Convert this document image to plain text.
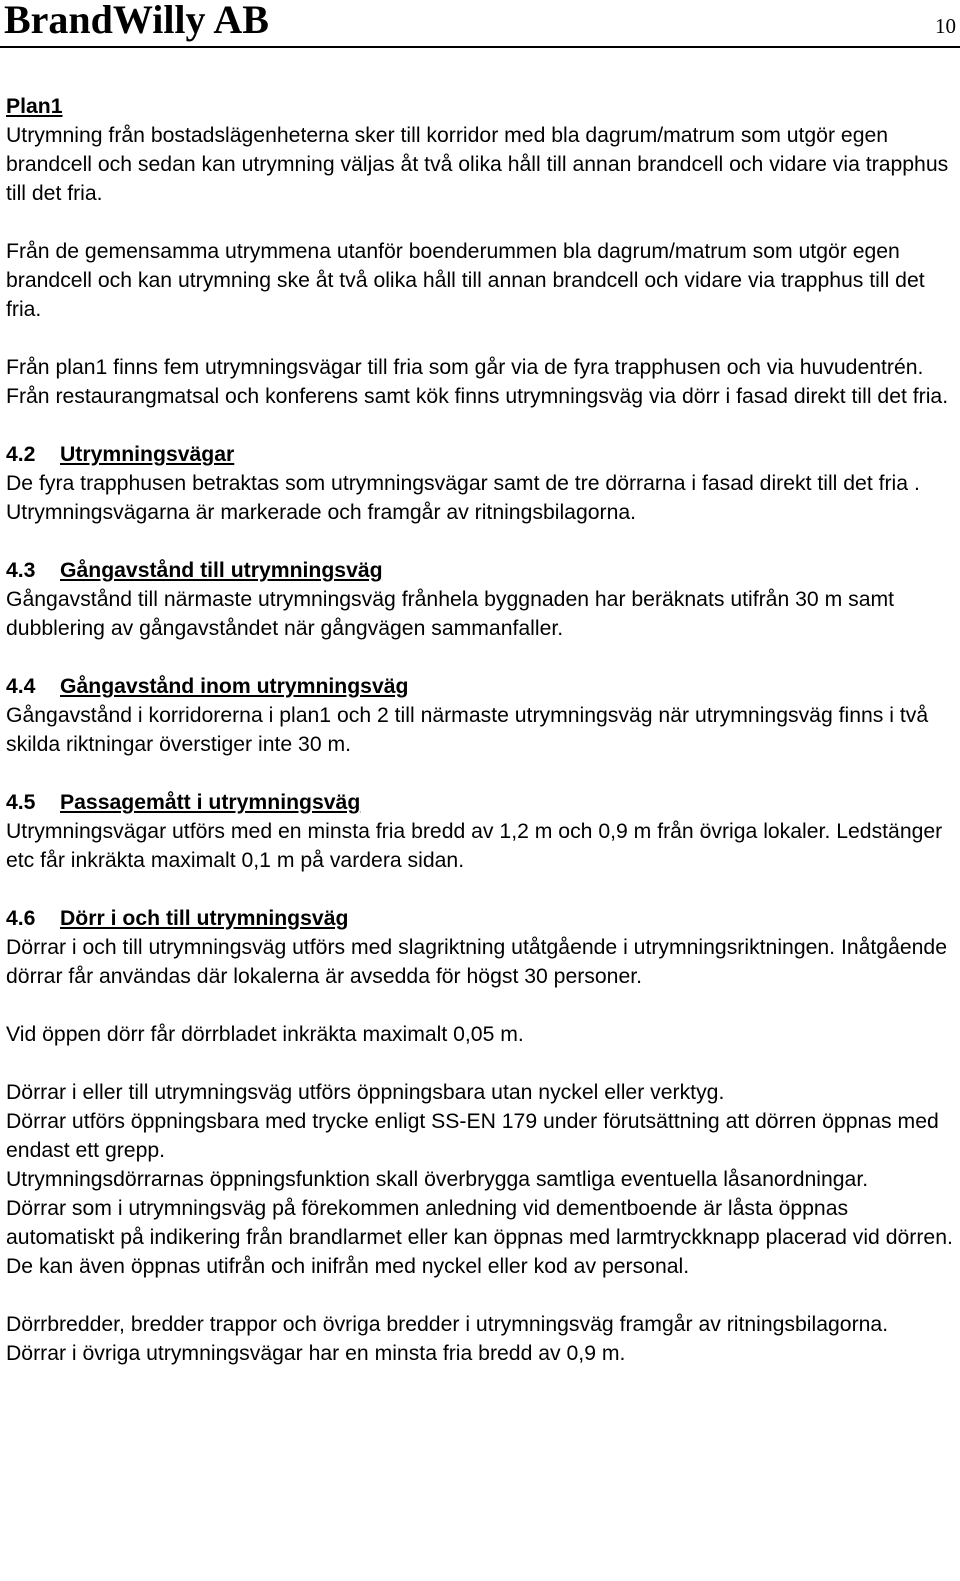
BrandWilly AB	10

Plan1

Utrymning från bostadslägenheterna sker till korridor med bla dagrum/matrum som utgör egen brandcell och sedan kan utrymning väljas åt två olika håll till annan brandcell och vidare via trapphus till det fria.

Från de gemensamma utrymmena utanför boenderummen bla dagrum/matrum som utgör egen brandcell och kan utrymning ske åt två olika håll till annan brandcell och vidare via trapphus till det fria.

Från plan1 finns fem utrymningsvägar till fria som går via de fyra trapphusen och via huvudentrén.

Från restaurangmatsal och konferens samt kök finns utrymningsväg via dörr i fasad direkt till det fria.

4.2 Utrymningsvägar

De fyra trapphusen betraktas som utrymningsvägar samt de tre dörrarna i fasad direkt till det fria .

Utrymningsvägarna är markerade och framgår av ritningsbilagorna.

4.3 Gångavstånd till utrymningsväg

Gångavstånd till närmaste utrymningsväg frånhela byggnaden har beräknats utifrån 30 m samt dubblering av gångavståndet när gångvägen sammanfaller.

4.4 Gångavstånd inom utrymningsväg

Gångavstånd i korridorerna i plan1 och 2 till närmaste utrymningsväg när utrymningsväg finns i två skilda riktningar överstiger inte 30 m.

4.5 Passagemått i utrymningsväg

Utrymningsvägar utförs med en minsta fria bredd av 1,2 m och 0,9 m från övriga lokaler. Ledstänger etc får inkräkta maximalt 0,1 m på vardera sidan.

4.6 Dörr i och till utrymningsväg

Dörrar i och till utrymningsväg utförs med slagriktning utåtgående i utrymningsriktningen. Inåtgående dörrar får användas där lokalerna är avsedda för högst 30 personer.

Vid öppen dörr får dörrbladet inkräkta maximalt 0,05 m.

Dörrar i eller till utrymningsväg utförs öppningsbara utan nyckel eller verktyg.

Dörrar utförs öppningsbara med trycke enligt SS-EN 179 under förutsättning att dörren öppnas med endast ett grepp.

Utrymningsdörrarnas öppningsfunktion skall överbrygga samtliga eventuella låsanordningar.

Dörrar som i utrymningsväg på förekommen anledning vid dementboende är låsta öppnas automatiskt på indikering från brandlarmet eller kan öppnas med larmtryckknapp placerad vid dörren. De kan även öppnas utifrån och inifrån med nyckel eller kod av personal.

Dörrbredder, bredder trappor och övriga bredder i utrymningsväg framgår av ritningsbilagorna.

Dörrar i övriga utrymningsvägar har en minsta fria bredd av 0,9 m.
